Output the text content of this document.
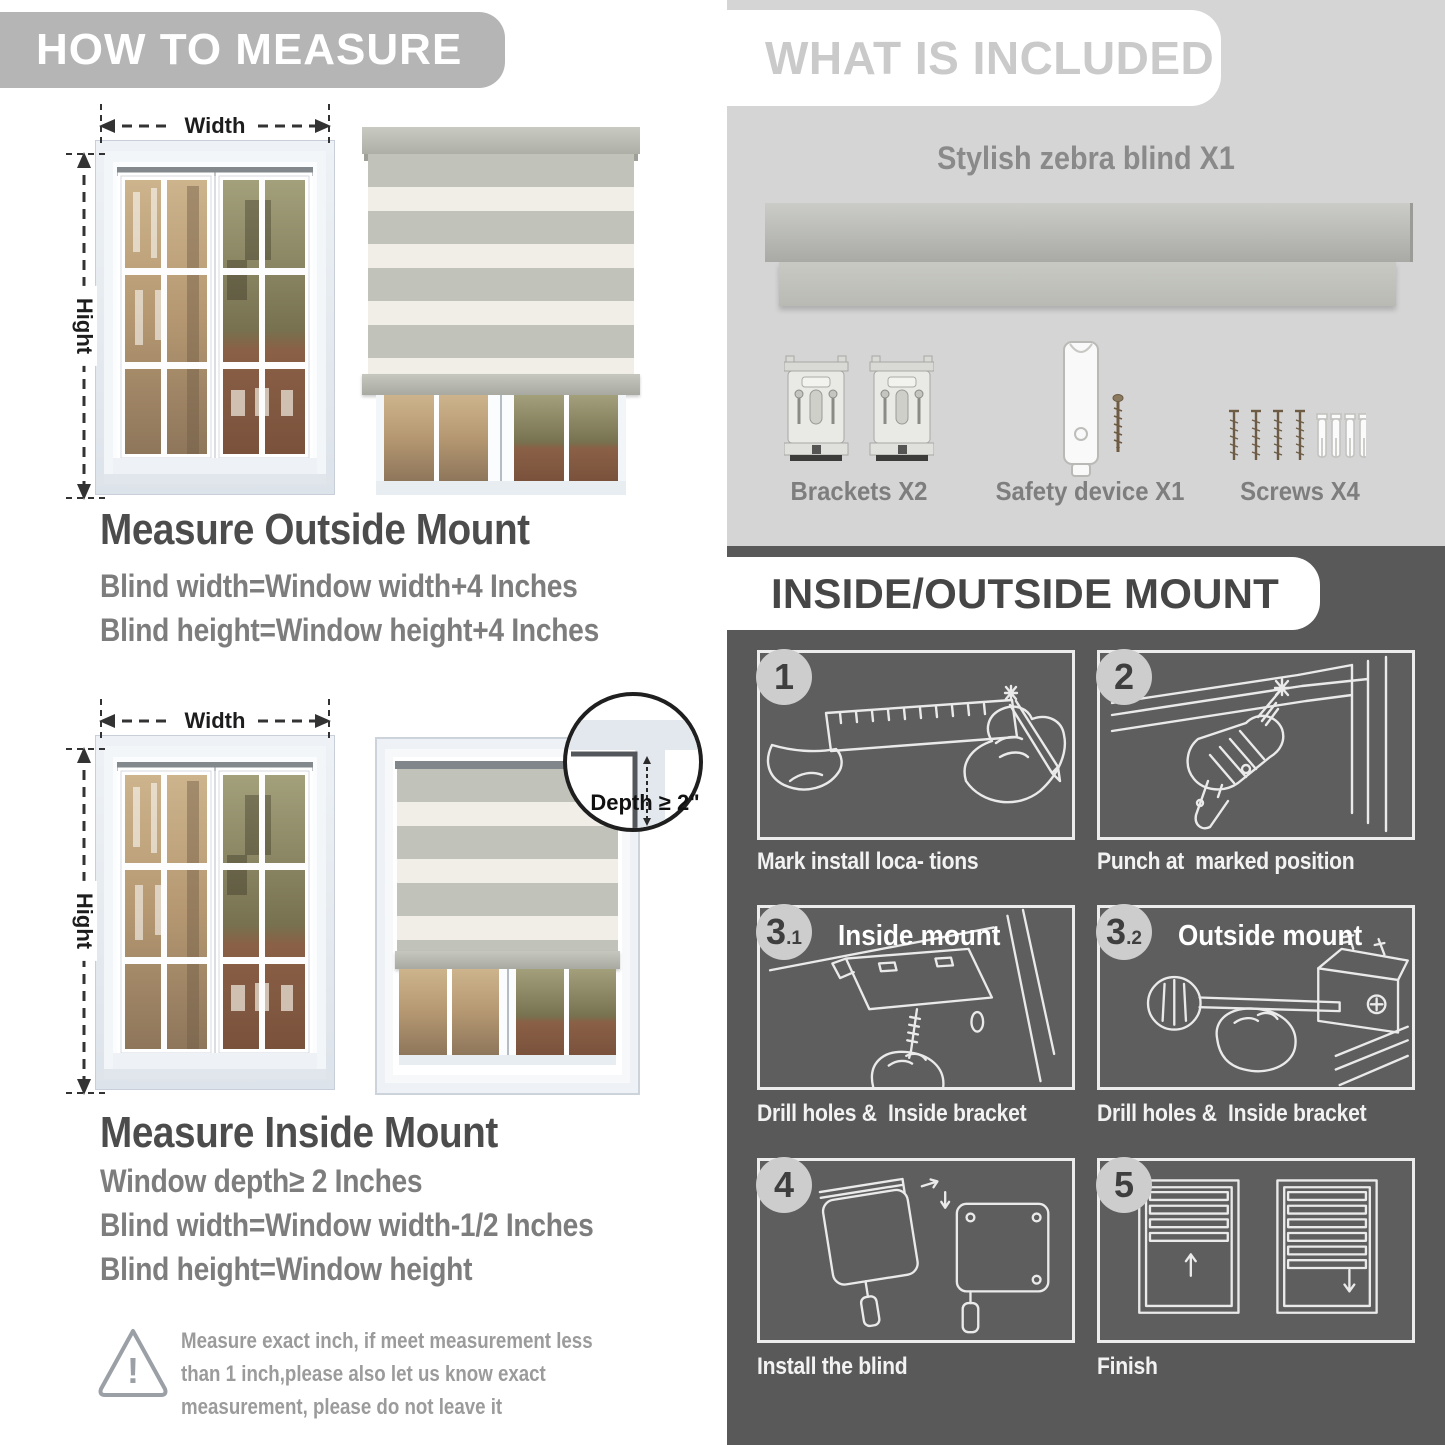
HOW TO MEASURE
Width
Hight
Measure Outside Mount
Blind width=Window width+4 Inches
Blind height=Window height+4 Inches
Width
Hight
Depth ≥ 2"
Measure Inside Mount
Window depth≥ 2 Inches
Blind width=Window width-1/2 Inches
Blind height=Window height
!
Measure exact inch, if meet measurement less
than 1 inch,please also let us know exact
measurement, please do not leave it
WHAT IS INCLUDED
Stylish zebra blind X1
Brackets X2	Safety device X1	Screws X4
INSIDE/OUTSIDE MOUNT
1
Mark install loca- tions
2
Punch at  marked position
3 .1 Inside mount
Drill holes &  Inside bracket
3 .2 Outside mount
Drill holes &  Inside bracket
4
Install the blind
5
Finish
